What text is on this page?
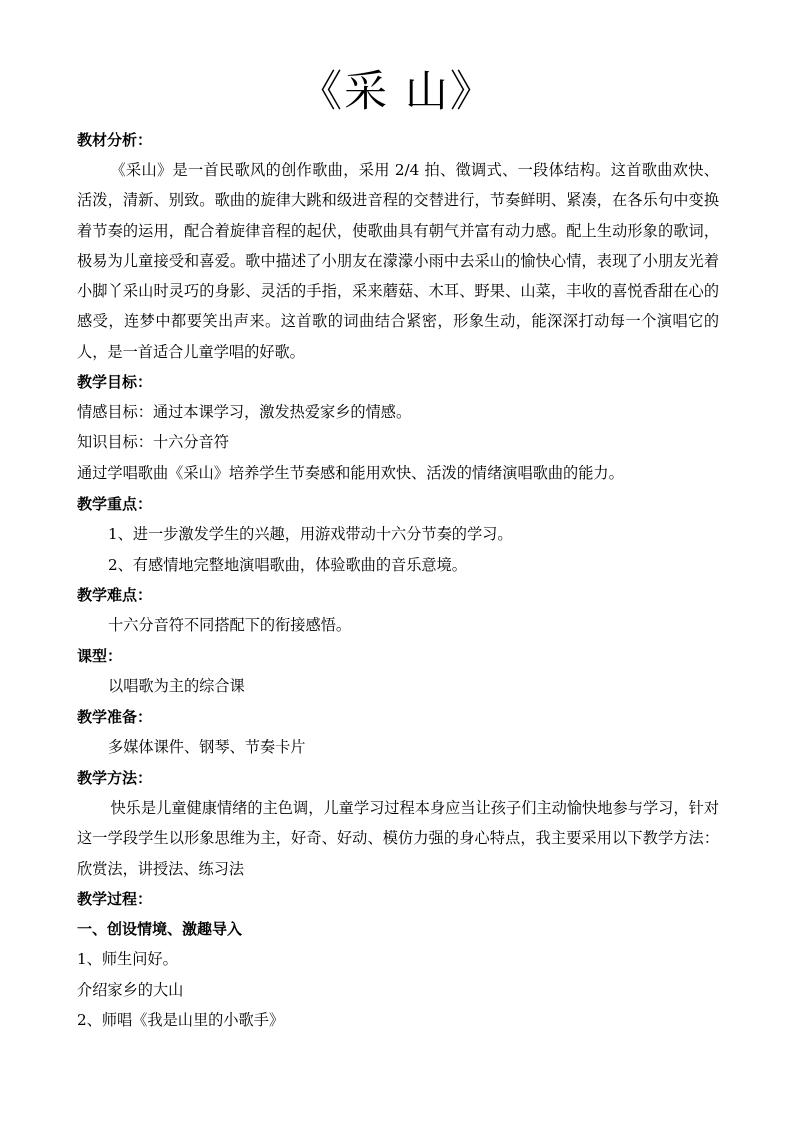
《采 山》
教材分析：

《采山》是一首民歌风的创作歌曲，采用 2/4 拍、徵调式、一段体结构。这首歌曲欢快、活泼，清新、别致。歌曲的旋律大跳和级进音程的交替进行，节奏鲜明、紧凑，在各乐句中变换着节奏的运用，配合着旋律音程的起伏，使歌曲具有朝气并富有动力感。配上生动形象的歌词，极易为儿童接受和喜爱。歌中描述了小朋友在濛濛小雨中去采山的愉快心情，表现了小朋友光着小脚丫采山时灵巧的身影、灵活的手指，采来蘑菇、木耳、野果、山菜，丰收的喜悦香甜在心的感受，连梦中都要笑出声来。这首歌的词曲结合紧密，形象生动，能深深打动每一个演唱它的人，是一首适合儿童学唱的好歌。

教学目标：
情感目标：通过本课学习，激发热爱家乡的情感。
知识目标：十六分音符
通过学唱歌曲《采山》培养学生节奏感和能用欢快、活泼的情绪演唱歌曲的能力。
教学重点：
1、进一步激发学生的兴趣，用游戏带动十六分节奏的学习。
2、有感情地完整地演唱歌曲，体验歌曲的音乐意境。
教学难点：
十六分音符不同搭配下的衔接感悟。
课型：
以唱歌为主的综合课
教学准备：
多媒体课件、钢琴、节奏卡片
教学方法：

快乐是儿童健康情绪的主色调，儿童学习过程本身应当让孩子们主动愉快地参与学习，针对这一学段学生以形象思维为主，好奇、好动、模仿力强的身心特点，我主要采用以下教学方法：欣赏法，讲授法、练习法

教学过程：
一、创设情境、激趣导入
1、师生问好。
介绍家乡的大山
2、师唱《我是山里的小歌手》
